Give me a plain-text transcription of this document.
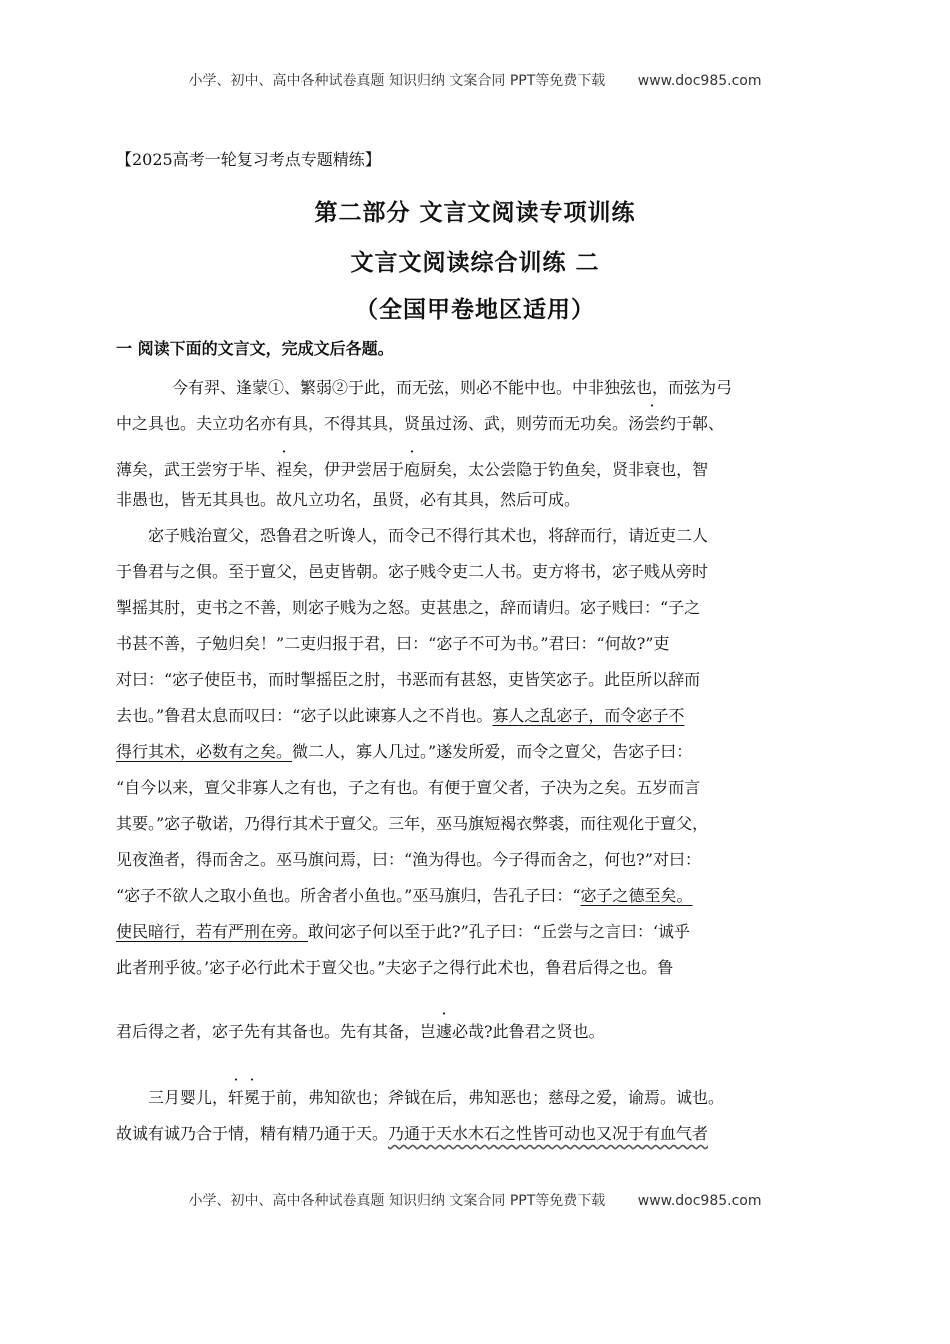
小学、初中、高中各种试卷真题 知识归纳 文案合同 PPT等免费下载 www.doc985.com
【2025高考一轮复习考点专题精练】
第二部分 文言文阅读专项训练
文言文阅读综合训练 二
（全国甲卷地区适用）
一 阅读下面的文言文，完成文后各题。
今有羿、逢蒙①、繁弱②于此，而无弦，则必不能中也。中非独弦也，而弦为弓
中之具也。夫立功名亦有具，不得其具，贤虽过汤、武，则劳而无功矣。汤尝约于郼、
薄矣，武王尝穷于毕、裎矣，伊尹尝居于庖厨矣，太公尝隐于钓鱼矣，贤非衰也，智
非愚也，皆无其具也。故凡立功名，虽贤，必有其具，然后可成。
宓子贱治亶父，恐鲁君之听谗人，而令己不得行其术也，将辞而行，请近吏二人
于鲁君与之俱。至于亶父，邑吏皆朝。宓子贱令吏二人书。吏方将书，宓子贱从旁时
掣摇其肘，吏书之不善，则宓子贱为之怒。吏甚患之，辞而请归。宓子贱曰：“子之
书甚不善，子勉归矣！”二吏归报于君，曰：“宓子不可为书。”君曰：“何故?”吏
对曰：“宓子使臣书，而时掣摇臣之肘，书恶而有甚怒，吏皆笑宓子。此臣所以辞而
去也。”鲁君太息而叹曰：“宓子以此谏寡人之不肖也。寡人之乱宓子，而令宓子不
得行其术，必数有之矣。微二人，寡人几过。”遂发所爱，而令之亶父，告宓子曰：
“自今以来，亶父非寡人之有也，子之有也。有便于亶父者，子决为之矣。五岁而言
其要。”宓子敬诺，乃得行其术于亶父。三年，巫马旗短褐衣弊裘，而往观化于亶父，
见夜渔者，得而舍之。巫马旗问焉，曰：“渔为得也。今子得而舍之，何也?”对曰：
“宓子不欲人之取小鱼也。所舍者小鱼也。”巫马旗归，告孔子曰：“宓子之德至矣。
使民暗行，若有严刑在旁。敢问宓子何以至于此?”孔子曰：“丘尝与之言曰：‘诚乎
此者刑乎彼。’宓子必行此术于亶父也。”夫宓子之得行此术也，鲁君后得之也。鲁
君后得之者，宓子先有其备也。先有其备，岂遽必哉?此鲁君之贤也。
三月婴儿，轩冕于前，弗知欲也；斧钺在后，弗知恶也；慈母之爱，谕焉。诚也。
故诚有诚乃合于情，精有精乃通于天。乃通于天水木石之性皆可动也又况于有血气者
小学、初中、高中各种试卷真题 知识归纳 文案合同 PPT等免费下载 www.doc985.com
